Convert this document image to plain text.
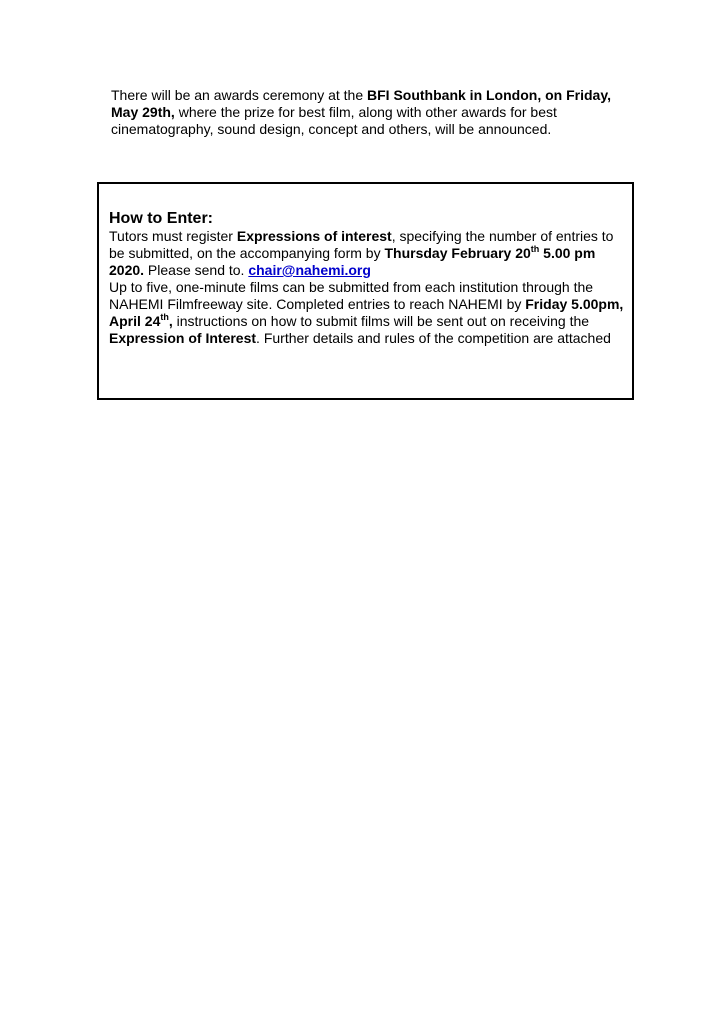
There will be an awards ceremony at the BFI Southbank in London, on Friday, May 29th, where the prize for best film, along with other awards for best cinematography, sound design, concept and others, will be announced.

How to Enter:

Tutors must register Expressions of interest, specifying the number of entries to be submitted, on the accompanying form by Thursday February 20th 5.00 pm 2020. Please send to. chair@nahemi.org

Up to five, one-minute films can be submitted from each institution through the NAHEMI Filmfreeway site. Completed entries to reach NAHEMI by Friday 5.00pm, April 24th, instructions on how to submit films will be sent out on receiving the Expression of Interest. Further details and rules of the competition are attached
